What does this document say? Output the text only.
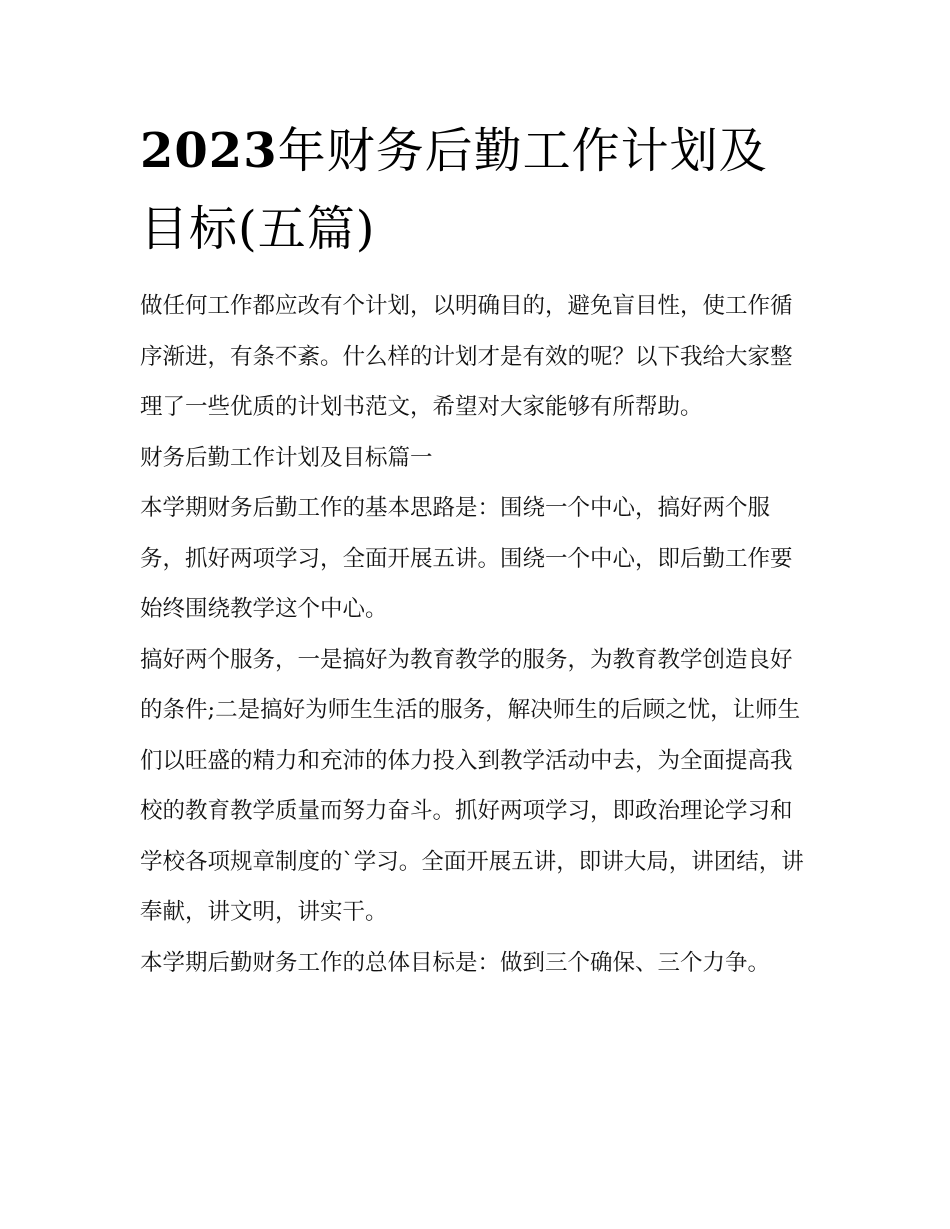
2023年财务后勤工作计划及目标(五篇)

做任何工作都应改有个计划，以明确目的，避免盲目性，使工作循序渐进，有条不紊。什么样的计划才是有效的呢？以下我给大家整理了一些优质的计划书范文，希望对大家能够有所帮助。

财务后勤工作计划及目标篇一

本学期财务后勤工作的基本思路是：围绕一个中心，搞好两个服务，抓好两项学习，全面开展五讲。围绕一个中心，即后勤工作要始终围绕教学这个中心。

搞好两个服务，一是搞好为教育教学的服务，为教育教学创造良好的条件;二是搞好为师生生活的服务，解决师生的后顾之忧，让师生们以旺盛的精力和充沛的体力投入到教学活动中去，为全面提高我校的教育教学质量而努力奋斗。抓好两项学习，即政治理论学习和学校各项规章制度的`学习。全面开展五讲，即讲大局，讲团结，讲奉献，讲文明，讲实干。

本学期后勤财务工作的总体目标是：做到三个确保、三个力争。
